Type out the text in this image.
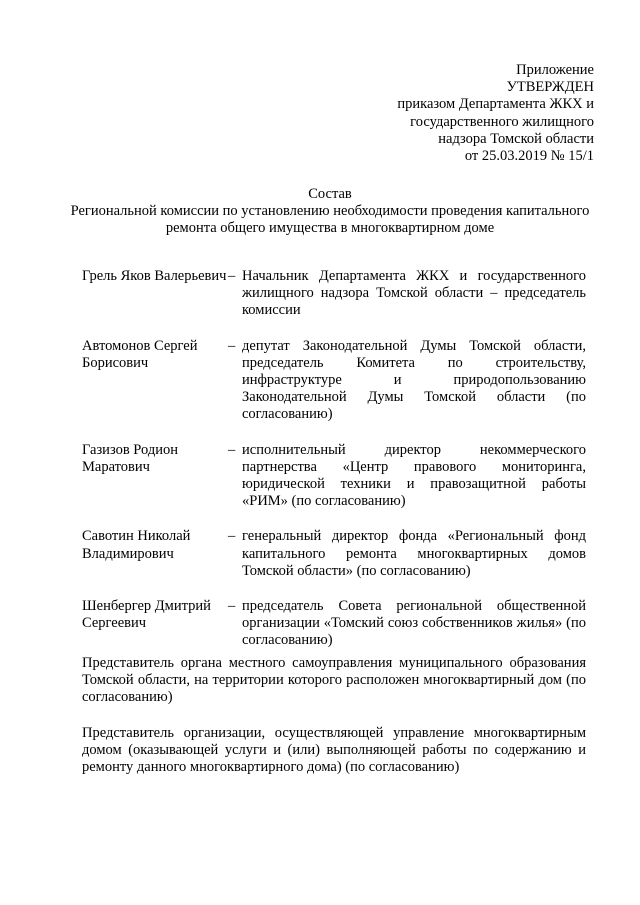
Приложение
УТВЕРЖДЕН
приказом Департамента ЖКХ и
государственного жилищного
надзора Томской области
от 25.03.2019 № 15/1
Состав
Региональной комиссии по установлению необходимости проведения капитального ремонта общего имущества в многоквартирном доме
Грель Яков Валерьевич – Начальник Департамента ЖКХ и государственного жилищного надзора Томской области – председатель комиссии
Автомонов Сергей Борисович
– депутат Законодательной Думы Томской области, председатель Комитета по строительству, инфраструктуре и природопользованию Законодательной Думы Томской области (по согласованию)
Газизов Родион Маратович
– исполнительный директор некоммерческого партнерства «Центр правового мониторинга, юридической техники и правозащитной работы «РИМ» (по согласованию)
Савотин Николай Владимирович
– генеральный директор фонда «Региональный фонд капитального ремонта многоквартирных домов Томской области» (по согласованию)
Шенбергер Дмитрий Сергеевич
– председатель Совета региональной общественной организации «Томский союз собственников жилья» (по согласованию)
Представитель органа местного самоуправления муниципального образования Томской области, на территории которого расположен многоквартирный дом (по согласованию)
Представитель организации, осуществляющей управление многоквартирным домом (оказывающей услуги и (или) выполняющей работы по содержанию и ремонту данного многоквартирного дома) (по согласованию)
